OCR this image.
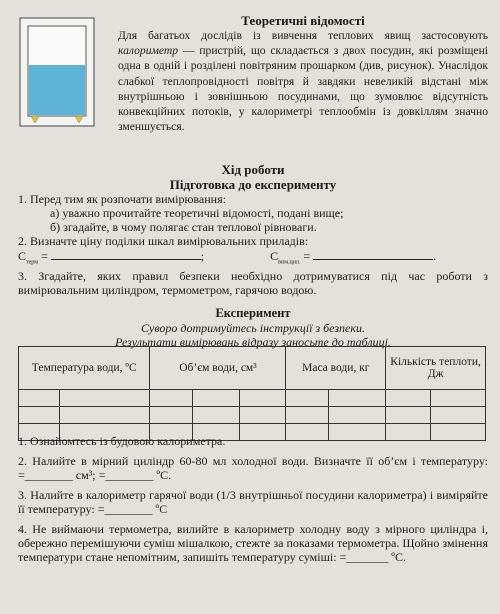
Теоретичні відомості
Для багатьох дослідів із вивчення теплових явищ застосовують калориметр — пристрій, що складається з двох посудин, які розміщені одна в одній і розділені повітряним прошарком (див, рисунок). Унаслідок слабкої теплопровідності повітря й завдяки невеликій відстані між внутрішньою і зовнішньою посудинами, що зумовлює відсутність конвекційних потоків, у калориметрі теплообмін із довкіллям значно зменшується.
Хід роботи
Підготовка до експерименту
1. Перед тим як розпочати вимірювання:
а) уважно прочитайте теоретичні відомості, подані вище;
б) згадайте, в чому полягає стан теплової рівноваги.
2. Визначте ціну поділки шкал вимірювальних приладів:
$C_{терм}$ =	;	$C_{вим.цил.}$ =	.
3. Згадайте, яких правил безпеки необхідно дотримуватися під час роботи з вимірювальним циліндром, термометром, гарячою водою.
Експеримент
Суворо дотримуйтесь інструкції з безпеки.
Результати вимірювань відразу заносьте до таблиці.
Температура води, ºС		Об’єм води, см³			Маса води, кг		Кількість теплоти, Дж	

1. Ознайомтесь із будовою калориметра.

2. Налийте в мірний циліндр 60-80 мл холодної води. Визначте її об’єм і температуру: =________ см³; =________ ºС.

3. Налийте в калориметр гарячої води (1/3 внутрішньої посудини калориметра) і виміряйте її температуру: =________ ºС

4. Не виймаючи термометра, вилийте в калориметр холодну воду з мірного циліндра і, обережно перемішуючи суміш мішалкою, стежте за показами термометра. Щойно змінення температури стане непомітним, запишіть температуру суміші: =_______ ºС.
